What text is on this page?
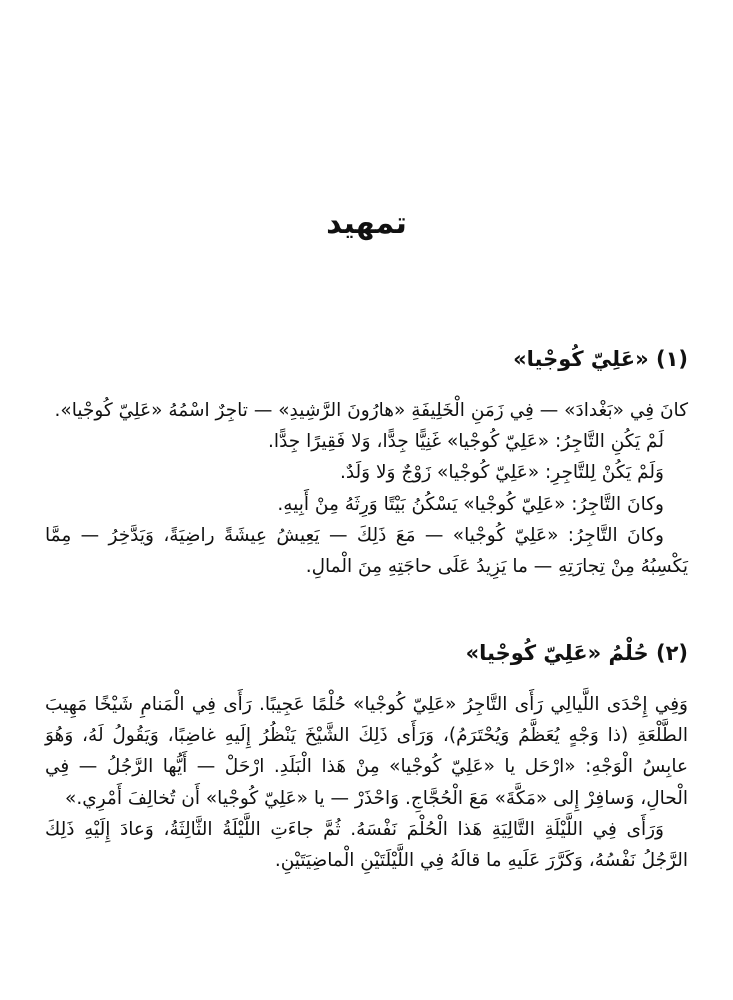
تمهيد
(١) «عَلِيّ كُوجْيا»

كانَ فِي «بَغْدادَ» — فِي زَمَنِ الْخَلِيفَةِ «هارُونَ الرَّشِيدِ» — تاجِرٌ اسْمُهُ «عَلِيّ كُوجْيا».

لَمْ يَكُنِ التَّاجِرُ: «عَلِيّ كُوجْيا» غَنِيًّا جِدًّا، وَلا فَقِيرًا جِدًّا.

وَلَمْ يَكُنْ لِلتَّاجِرِ: «عَلِيّ كُوجْيا» زَوْجٌ وَلا وَلَدٌ.

وكانَ التَّاجِرُ: «عَلِيّ كُوجْيا» يَسْكُنُ بَيْتًا وَرِثَهُ مِنْ أَبِيهِ.

وكانَ التَّاجِرُ: «عَلِيّ كُوجْيا» — مَعَ ذَلِكَ — يَعِيشُ عِيشَةً راضِيَةً، وَيَدَّخِرُ — مِمَّا يَكْسِبُهُ مِنْ تِجارَتِهِ — ما يَزِيدُ عَلَى حاجَتِهِ مِنَ الْمالِ.

(٢) حُلْمُ «عَلِيّ كُوجْيا»

وَفِي إِحْدَى اللَّيالِي رَأَى التَّاجِرُ «عَلِيّ كُوجْيا» حُلْمًا عَجِيبًا. رَأَى فِي الْمَنامِ شَيْخًا مَهِيبَ الطَّلْعَةِ (ذا وَجْهٍ يُعَظَّمُ وَيُحْتَرَمُ)، وَرَأَى ذَلِكَ الشَّيْخَ يَنْظُرُ إِلَيهِ غاضِبًا، وَيَقُولُ لَهُ، وَهُوَ عابِسُ الْوَجْهِ: «ارْحَل يا «عَلِيّ كُوجْيا» مِنْ هَذا الْبَلَدِ. ارْحَلْ — أَيُّها الرَّجُلُ — فِي الْحالِ، وَسافِرْ إِلى «مَكَّةَ» مَعَ الْحُجَّاجِ. وَاحْذَرْ — يا «عَلِيّ كُوجْيا» أَن تُخالِفَ أَمْرِي.»

وَرَأَى فِي اللَّيْلَةِ التَّالِيَةِ هَذا الْحُلْمَ نَفْسَهُ. ثُمَّ جاءَتِ اللَّيْلَةُ الثَّالِثَةُ، وَعادَ إِلَيْهِ ذَلِكَ الرَّجُلُ نَفْسُهُ، وَكَرَّرَ عَلَيهِ ما قالَهُ فِي اللَّيْلَتَيْنِ الْماضِيَتَيْنِ.
